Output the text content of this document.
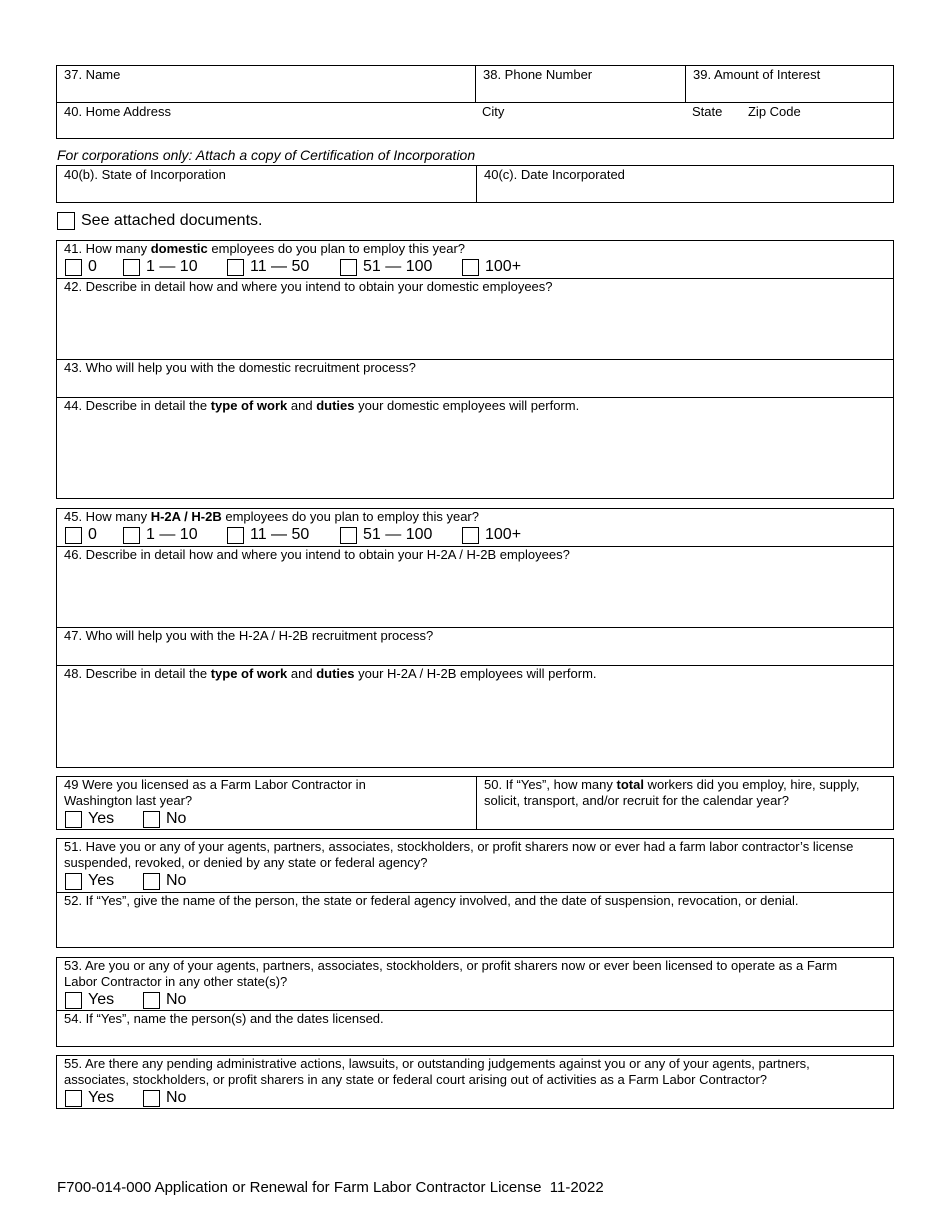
37. Name	38. Phone Number	39. Amount of Interest
40. Home Address	City	State Zip Code
For corporations only: Attach a copy of Certification of Incorporation
40(b). State of Incorporation	40(c). Date Incorporated
See attached documents.
41. How many domestic employees do you plan to employ this year?
0	1 — 10	11 — 50	51 — 100	100+
42. Describe in detail how and where you intend to obtain your domestic employees?
43. Who will help you with the domestic recruitment process?
44. Describe in detail the type of work and duties your domestic employees will perform.
45. How many H-2A / H-2B employees do you plan to employ this year?
0	1 — 10	11 — 50	51 — 100	100+
46. Describe in detail how and where you intend to obtain your H-2A / H-2B employees?
47. Who will help you with the H-2A / H-2B recruitment process?
48. Describe in detail the type of work and duties your H-2A / H-2B employees will perform.
49 Were you licensed as a Farm Labor Contractor in Washington last year?
Yes	No
50. If “Yes”, how many total workers did you employ, hire, supply, solicit, transport, and/or recruit for the calendar year?
51. Have you or any of your agents, partners, associates, stockholders, or profit sharers now or ever had a farm labor contractor’s license suspended, revoked, or denied by any state or federal agency?
Yes	No
52. If “Yes”, give the name of the person, the state or federal agency involved, and the date of suspension, revocation, or denial.
53. Are you or any of your agents, partners, associates, stockholders, or profit sharers now or ever been licensed to operate as a Farm Labor Contractor in any other state(s)?
Yes	No
54. If “Yes”, name the person(s) and the dates licensed.
55. Are there any pending administrative actions, lawsuits, or outstanding judgements against you or any of your agents, partners, associates, stockholders, or profit sharers in any state or federal court arising out of activities as a Farm Labor Contractor?
Yes	No
F700-014-000 Application or Renewal for Farm Labor Contractor License  11-2022
